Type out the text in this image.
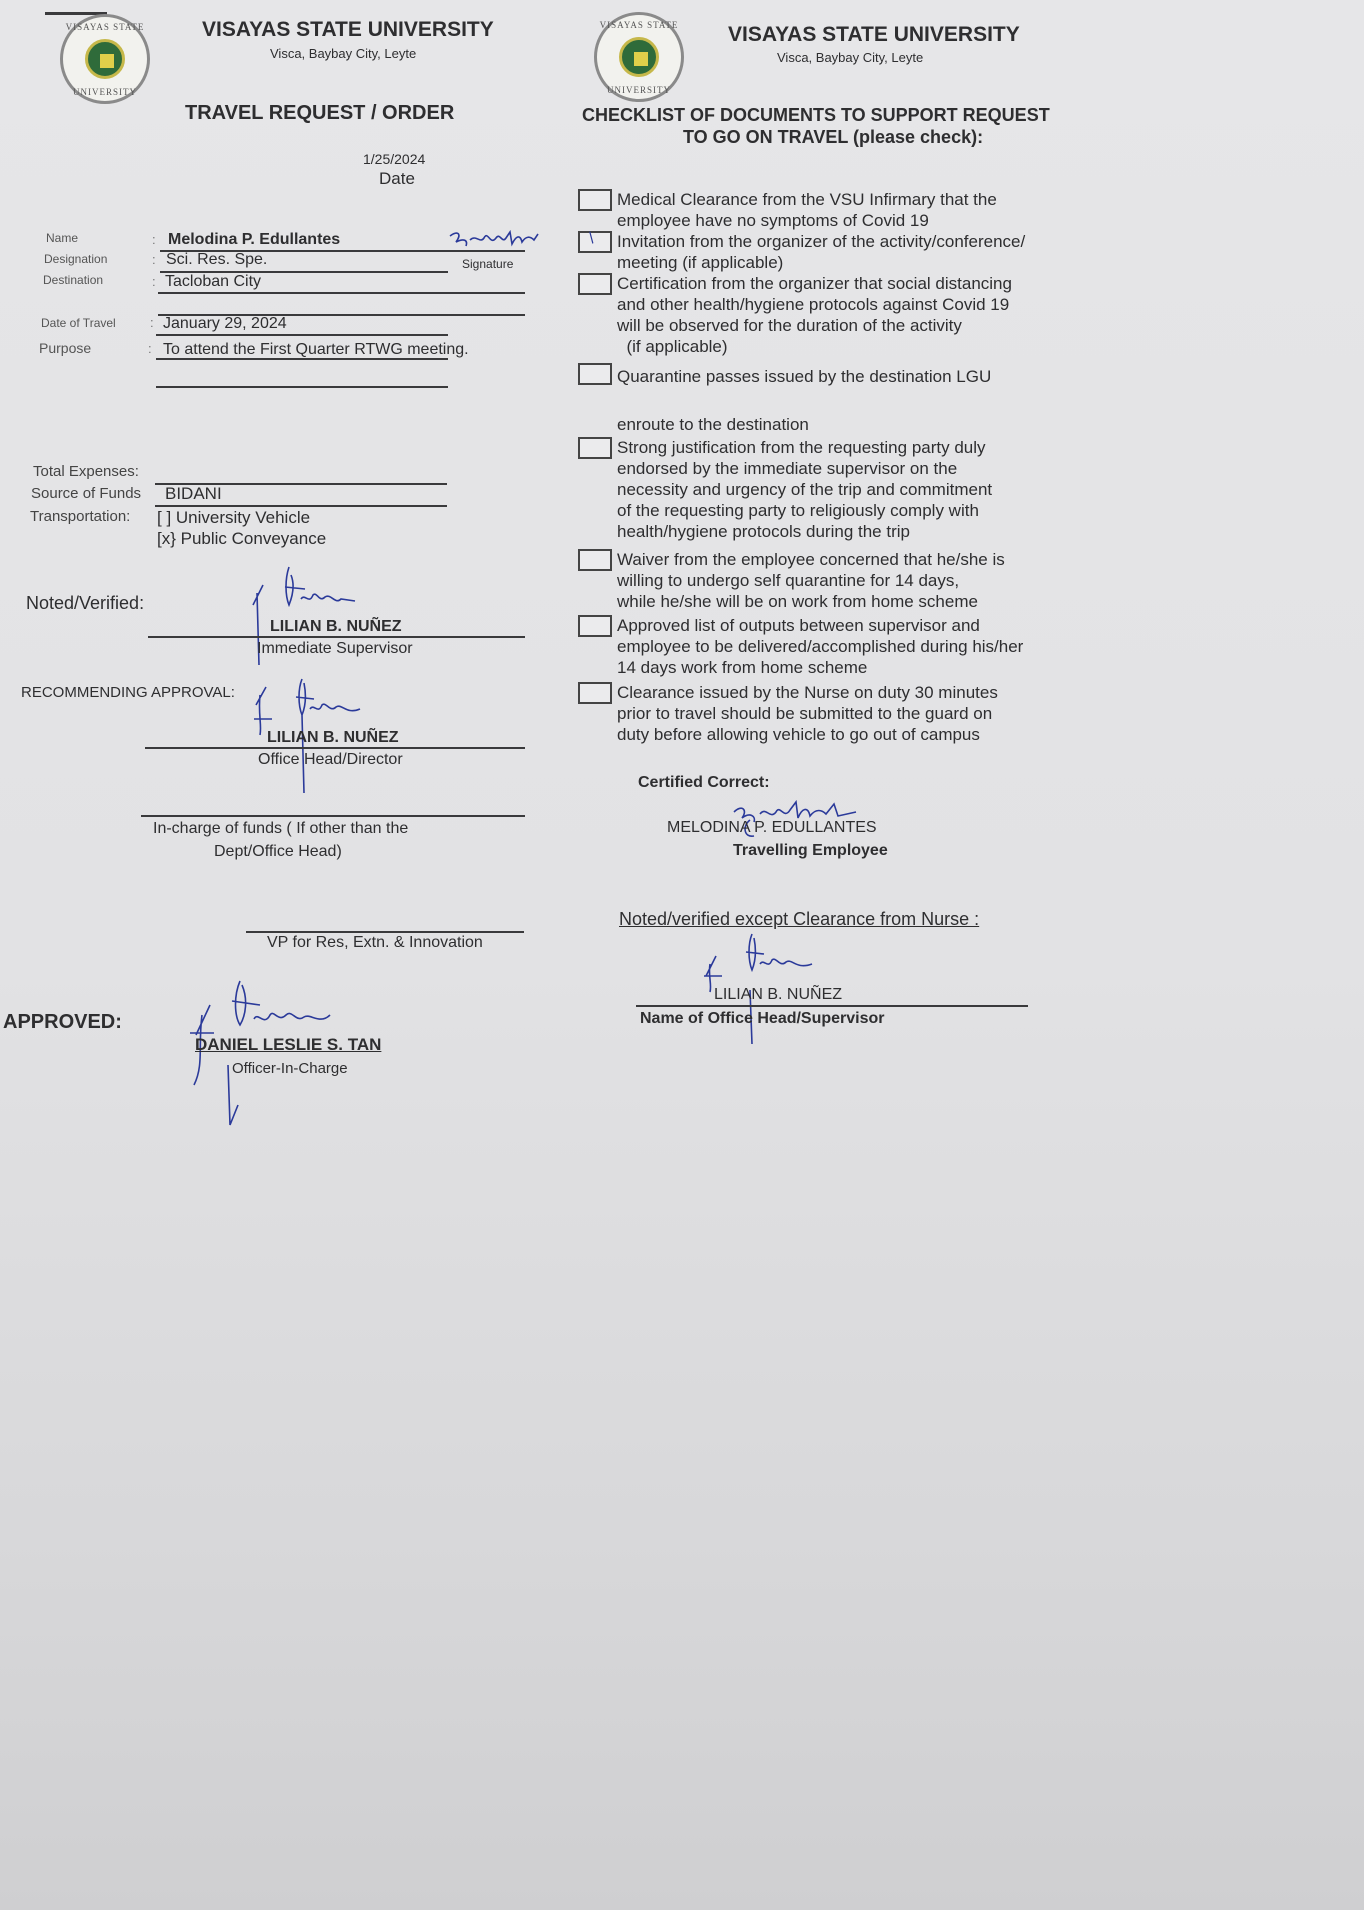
VISAYAS STATE
UNIVERSITY
VISAYAS STATE UNIVERSITY
Visca, Baybay City, Leyte
TRAVEL REQUEST / ORDER
1/25/2024
Date
Name	: Melodina P. Edullantes
Designation	: Sci. Res. Spe.	Signature
Destination	: Tacloban City
Date of Travel	: January 29, 2024
Purpose	: To attend the First Quarter RTWG meeting.
Total Expenses:
Source of Funds BIDANI
Transportation: [ ] University Vehicle
[x} Public Conveyance
Noted/Verified:
LILIAN B. NUÑEZ
Immediate Supervisor
RECOMMENDING APPROVAL:
LILIAN B. NUÑEZ
Office Head/Director
In-charge of funds ( If other than the
Dept/Office Head)
VP for Res, Extn. & Innovation
APPROVED:
DANIEL LESLIE S. TAN
Officer-In-Charge
VISAYAS STATE
UNIVERSITY
VISAYAS STATE UNIVERSITY
Visca, Baybay City, Leyte
CHECKLIST OF DOCUMENTS TO SUPPORT REQUEST
TO GO ON TRAVEL (please check):
Medical Clearance from the VSU Infirmary that the
employee have no symptoms of Covid 19
/ Invitation from the organizer of the activity/conference/
meeting (if applicable)
Certification from the organizer that social distancing
and other health/hygiene protocols against Covid 19
will be observed for the duration of the activity
(if applicable)
Quarantine passes issued by the destination LGU
enroute to the destination
Strong justification from the requesting party duly
endorsed by the immediate supervisor on the
necessity and urgency of the trip and commitment
of the requesting party to religiously comply with
health/hygiene protocols during the trip
Waiver from the employee concerned that he/she is
willing to undergo self quarantine for 14 days,
while he/she will be on work from home scheme
Approved list of outputs between supervisor and
employee to be delivered/accomplished during his/her
14 days work from home scheme
Clearance issued by the Nurse on duty 30 minutes
prior to travel should be submitted to the guard on
duty before allowing vehicle to go out of campus
Certified Correct:
MELODINA P. EDULLANTES
Travelling Employee
Noted/verified except Clearance from Nurse :
LILIAN B. NUÑEZ
Name of Office Head/Supervisor
